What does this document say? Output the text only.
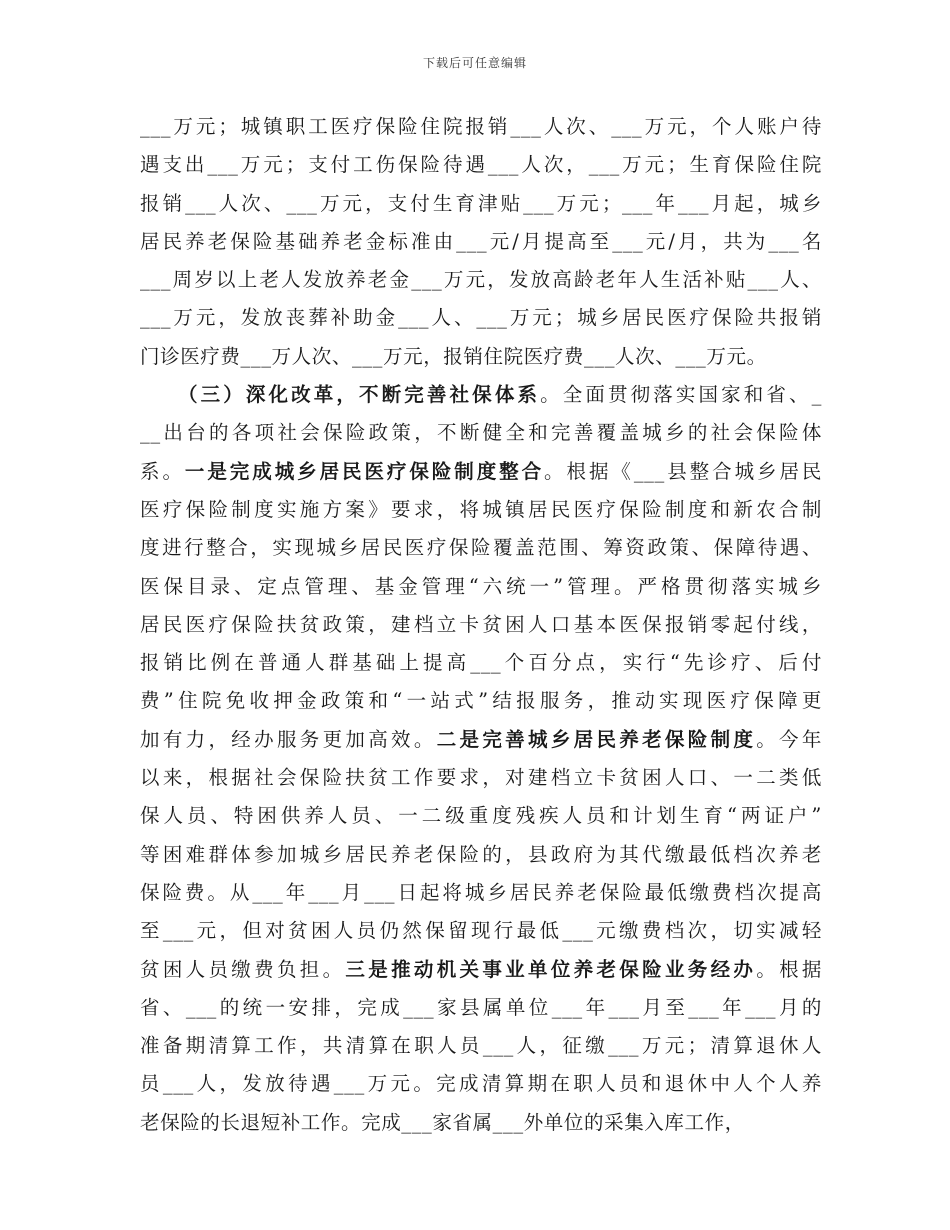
下载后可任意编辑
___万元；城镇职工医疗保险住院报销___人次、___万元，个人账户待
遇支出___万元；支付工伤保险待遇___人次，___万元；生育保险住院
报销___人次、___万元，支付生育津贴___万元；___年___月起，城乡
居民养老保险基础养老金标准由___元/月提高至___元/月，共为___名
___周岁以上老人发放养老金___万元，发放高龄老年人生活补贴___人、
___万元，发放丧葬补助金___人、___万元；城乡居民医疗保险共报销
门诊医疗费___万人次、___万元，报销住院医疗费___人次、___万元。
（三）深化改革，不断完善社保体系。全面贯彻落实国家和省、_
__出台的各项社会保险政策，不断健全和完善覆盖城乡的社会保险体
系。一是完成城乡居民医疗保险制度整合。根据《___县整合城乡居民
医疗保险制度实施方案》要求，将城镇居民医疗保险制度和新农合制
度进行整合，实现城乡居民医疗保险覆盖范围、筹资政策、保障待遇、
医保目录、定点管理、基金管理“六统一”管理。严格贯彻落实城乡
居民医疗保险扶贫政策，建档立卡贫困人口基本医保报销零起付线，
报销比例在普通人群基础上提高___个百分点，实行“先诊疗、后付
费”住院免收押金政策和“一站式”结报服务，推动实现医疗保障更
加有力，经办服务更加高效。二是完善城乡居民养老保险制度。今年
以来，根据社会保险扶贫工作要求，对建档立卡贫困人口、一二类低
保人员、特困供养人员、一二级重度残疾人员和计划生育“两证户”
等困难群体参加城乡居民养老保险的，县政府为其代缴最低档次养老
保险费。从___年___月___日起将城乡居民养老保险最低缴费档次提高
至___元，但对贫困人员仍然保留现行最低___元缴费档次，切实减轻
贫困人员缴费负担。三是推动机关事业单位养老保险业务经办。根据
省、___的统一安排，完成___家县属单位___年___月至___年___月的
准备期清算工作，共清算在职人员___人，征缴___万元；清算退休人
员___人，发放待遇___万元。完成清算期在职人员和退休中人个人养
老保险的长退短补工作。完成___家省属___外单位的采集入库工作，
